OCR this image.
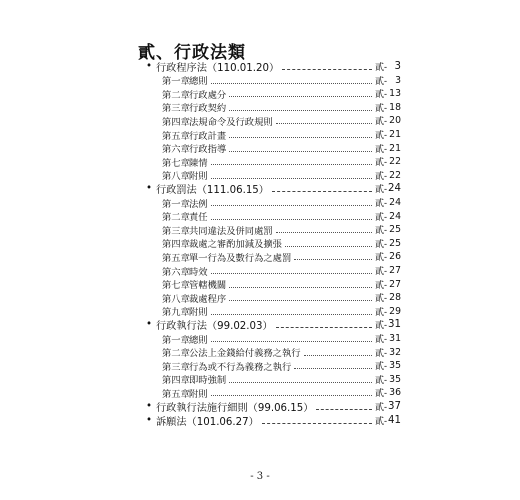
貳、行政法類
• 行政程序法（110.01.20）	貳- 3
第一章 總則	貳- 3
第二章 行政處分	貳- 13
第三章 行政契約	貳- 18
第四章 法規命令及行政規則	貳- 20
第五章 行政計畫	貳- 21
第六章 行政指導	貳- 21
第七章 陳情	貳- 22
第八章 附則	貳- 22
• 行政罰法（111.06.15）	貳- 24
第一章 法例	貳- 24
第二章 責任	貳- 24
第三章 共同違法及併同處罰	貳- 25
第四章 裁處之審酌加減及擴張	貳- 25
第五章 單一行為及數行為之處罰	貳- 26
第六章 時效	貳- 27
第七章 管轄機關	貳- 27
第八章 裁處程序	貳- 28
第九章 附則	貳- 29
• 行政執行法（99.02.03）	貳- 31
第一章 總則	貳- 31
第二章 公法上金錢給付義務之執行	貳- 32
第三章 行為或不行為義務之執行	貳- 35
第四章 即時強制	貳- 35
第五章 附則	貳- 36
• 行政執行法施行細則（99.06.15）	貳- 37
• 訴願法（101.06.27）	貳- 41
- 3 -
